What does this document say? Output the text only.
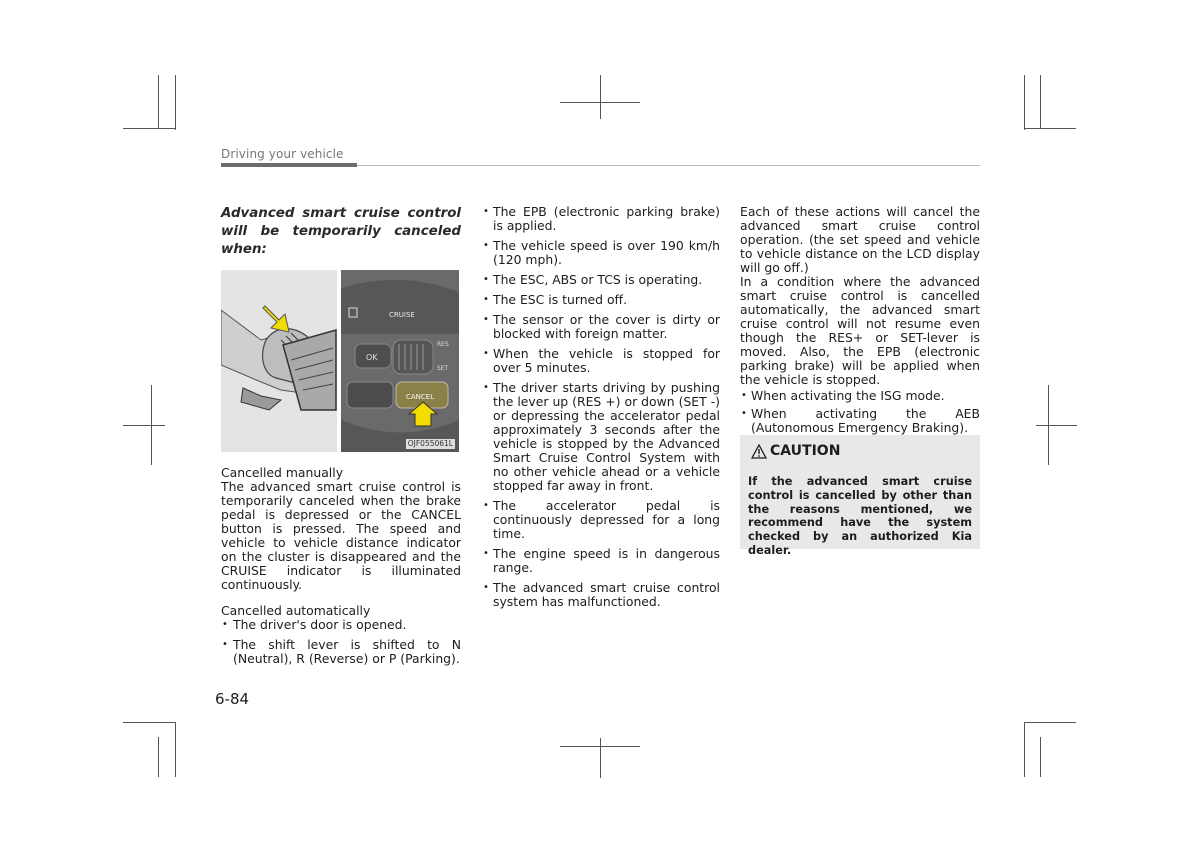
Driving your vehicle

Advanced smart cruise control will be temporarily canceled when:

CRUISE
OK
RES
SET
CANCEL
OJF055061L

Cancelled manually

The advanced smart cruise control is temporarily canceled when the brake pedal is depressed or the CANCEL button is pressed. The speed and vehicle to vehicle distance indicator on the cluster is disappeared and the CRUISE indicator is illuminated continuously.

Cancelled automatically

• The driver's door is opened.
• The shift lever is shifted to N (Neutral), R (Reverse) or P (Parking).
• The EPB (electronic parking brake) is applied.
• The vehicle speed is over 190 km/h (120 mph).
• The ESC, ABS or TCS is operating.
• The ESC is turned off.
• The sensor or the cover is dirty or blocked with foreign matter.
• When the vehicle is stopped for over 5 minutes.
• The driver starts driving by pushing the lever up (RES +) or down (SET -) or depressing the accelerator pedal approximately 3 seconds after the vehicle is stopped by the Advanced Smart Cruise Control System with no other vehicle ahead or a vehicle stopped far away in front.
• The accelerator pedal is continuously depressed for a long time.
• The engine speed is in dangerous range.
• The advanced smart cruise control system has malfunctioned.

Each of these actions will cancel the advanced smart cruise control operation. (the set speed and vehicle to vehicle distance on the LCD display will go off.)

In a condition where the advanced smart cruise control is cancelled automatically, the advanced smart cruise control will not resume even though the RES+ or SET-lever is moved. Also, the EPB (electronic parking brake) will be applied when the vehicle is stopped.

• When activating the ISG mode.
• When activating the AEB (Autonomous Emergency Braking).
CAUTION
If the advanced smart cruise control is cancelled by other than the reasons mentioned, we recommend have the system checked by an authorized Kia dealer.
6-84
